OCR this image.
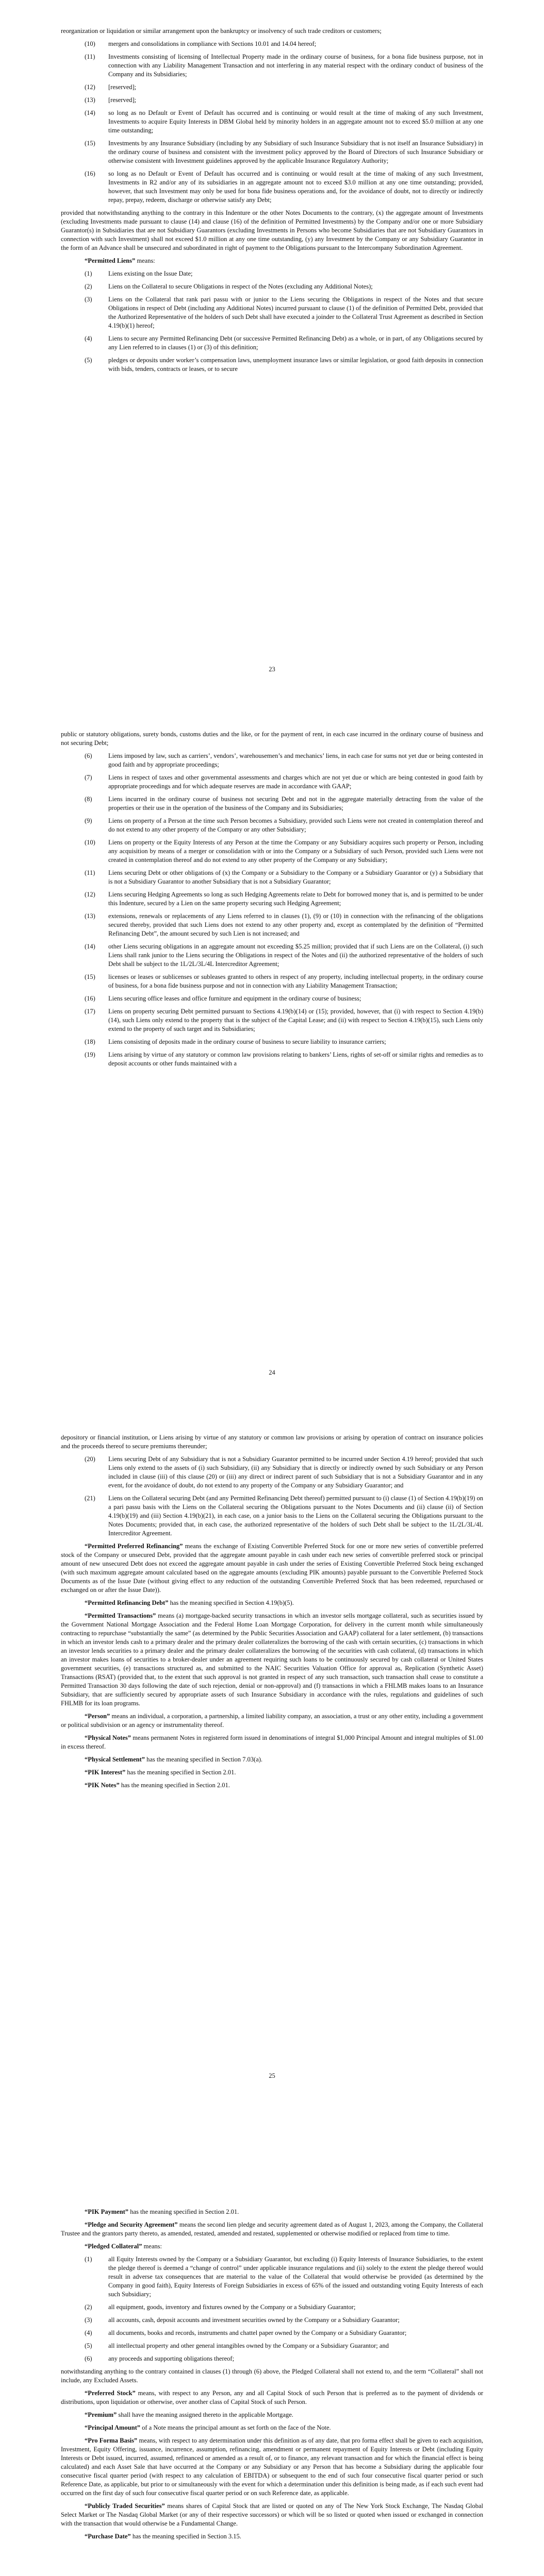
reorganization or liquidation or similar arrangement upon the bankruptcy or insolvency of such trade creditors or customers;

(10)	mergers and consolidations in compliance with Sections 10.01 and 14.04 hereof;
(11)	Investments consisting of licensing of Intellectual Property made in the ordinary course of business, for a bona fide business purpose, not in connection with any Liability Management Transaction and not interfering in any material respect with the ordinary conduct of business of the Company and its Subsidiaries;
(12)	[reserved];
(13)	[reserved];
(14)	so long as no Default or Event of Default has occurred and is continuing or would result at the time of making of any such Investment, Investments to acquire Equity Interests in DBM Global held by minority holders in an aggregate amount not to exceed $5.0 million at any one time outstanding;
(15)	Investments by any Insurance Subsidiary (including by any Subsidiary of such Insurance Subsidiary that is not itself an Insurance Subsidiary) in the ordinary course of business and consistent with the investment policy approved by the Board of Directors of such Insurance Subsidiary or otherwise consistent with Investment guidelines approved by the applicable Insurance Regulatory Authority;
(16)	so long as no Default or Event of Default has occurred and is continuing or would result at the time of making of any such Investment, Investments in R2 and/or any of its subsidiaries in an aggregate amount not to exceed $3.0 million at any one time outstanding; provided, however, that such Investment may only be used for bona fide business operations and, for the avoidance of doubt, not to directly or indirectly repay, prepay, redeem, discharge or otherwise satisfy any Debt;

provided that notwithstanding anything to the contrary in this Indenture or the other Notes Documents to the contrary, (x) the aggregate amount of Investments (excluding Investments made pursuant to clause (14) and clause (16) of the definition of Permitted Investments) by the Company and/or one or more Subsidiary Guarantor(s) in Subsidiaries that are not Subsidiary Guarantors (excluding Investments in Persons who become Subsidiaries that are not Subsidiary Guarantors in connection with such Investment) shall not exceed $1.0 million at any one time outstanding, (y) any Investment by the Company or any Subsidiary Guarantor in the form of an Advance shall be unsecured and subordinated in right of payment to the Obligations pursuant to the Intercompany Subordination Agreement.

“Permitted Liens” means:

(1)	Liens existing on the Issue Date;
(2)	Liens on the Collateral to secure Obligations in respect of the Notes (excluding any Additional Notes);
(3)	Liens on the Collateral that rank pari passu with or junior to the Liens securing the Obligations in respect of the Notes and that secure Obligations in respect of Debt (including any Additional Notes) incurred pursuant to clause (1) of the definition of Permitted Debt, provided that the Authorized Representative of the holders of such Debt shall have executed a joinder to the Collateral Trust Agreement as described in Section 4.19(b)(1) hereof;
(4)	Liens to secure any Permitted Refinancing Debt (or successive Permitted Refinancing Debt) as a whole, or in part, of any Obligations secured by any Lien referred to in clauses (1) or (3) of this definition;
(5)	pledges or deposits under worker’s compensation laws, unemployment insurance laws or similar legislation, or good faith deposits in connection with bids, tenders, contracts or leases, or to secure
23

public or statutory obligations, surety bonds, customs duties and the like, or for the payment of rent, in each case incurred in the ordinary course of business and not securing Debt;

(6)	Liens imposed by law, such as carriers’, vendors’, warehousemen’s and mechanics’ liens, in each case for sums not yet due or being contested in good faith and by appropriate proceedings;
(7)	Liens in respect of taxes and other governmental assessments and charges which are not yet due or which are being contested in good faith by appropriate proceedings and for which adequate reserves are made in accordance with GAAP;
(8)	Liens incurred in the ordinary course of business not securing Debt and not in the aggregate materially detracting from the value of the properties or their use in the operation of the business of the Company and its Subsidiaries;
(9)	Liens on property of a Person at the time such Person becomes a Subsidiary, provided such Liens were not created in contemplation thereof and do not extend to any other property of the Company or any other Subsidiary;
(10)	Liens on property or the Equity Interests of any Person at the time the Company or any Subsidiary acquires such property or Person, including any acquisition by means of a merger or consolidation with or into the Company or a Subsidiary of such Person, provided such Liens were not created in contemplation thereof and do not extend to any other property of the Company or any Subsidiary;
(11)	Liens securing Debt or other obligations of (x) the Company or a Subsidiary to the Company or a Subsidiary Guarantor or (y) a Subsidiary that is not a Subsidiary Guarantor to another Subsidiary that is not a Subsidiary Guarantor;
(12)	Liens securing Hedging Agreements so long as such Hedging Agreements relate to Debt for borrowed money that is, and is permitted to be under this Indenture, secured by a Lien on the same property securing such Hedging Agreement;
(13)	extensions, renewals or replacements of any Liens referred to in clauses (1), (9) or (10) in connection with the refinancing of the obligations secured thereby, provided that such Liens does not extend to any other property and, except as contemplated by the definition of “Permitted Refinancing Debt”, the amount secured by such Lien is not increased; and
(14)	other Liens securing obligations in an aggregate amount not exceeding $5.25 million; provided that if such Liens are on the Collateral, (i) such Liens shall rank junior to the Liens securing the Obligations in respect of the Notes and (ii) the authorized representative of the holders of such Debt shall be subject to the 1L/2L/3L/4L Intercreditor Agreement;
(15)	licenses or leases or sublicenses or subleases granted to others in respect of any property, including intellectual property, in the ordinary course of business, for a bona fide business purpose and not in connection with any Liability Management Transaction;
(16)	Liens securing office leases and office furniture and equipment in the ordinary course of business;
(17)	Liens on property securing Debt permitted pursuant to Sections 4.19(b)(14) or (15); provided, however, that (i) with respect to Section 4.19(b)(14), such Liens only extend to the property that is the subject of the Capital Lease; and (ii) with respect to Section 4.19(b)(15), such Liens only extend to the property of such target and its Subsidiaries;
(18)	Liens consisting of deposits made in the ordinary course of business to secure liability to insurance carriers;
(19)	Liens arising by virtue of any statutory or common law provisions relating to bankers’ Liens, rights of set-off or similar rights and remedies as to deposit accounts or other funds maintained with a
24

depository or financial institution, or Liens arising by virtue of any statutory or common law provisions or arising by operation of contract on insurance policies and the proceeds thereof to secure premiums thereunder;

(20)	Liens securing Debt of any Subsidiary that is not a Subsidiary Guarantor permitted to be incurred under Section 4.19 hereof; provided that such Liens only extend to the assets of (i) such Subsidiary, (ii) any Subsidiary that is directly or indirectly owned by such Subsidiary or any Person included in clause (iii) of this clause (20) or (iii) any direct or indirect parent of such Subsidiary that is not a Subsidiary Guarantor and in any event, for the avoidance of doubt, do not extend to any property of the Company or any Subsidiary Guarantor; and
(21)	Liens on the Collateral securing Debt (and any Permitted Refinancing Debt thereof) permitted pursuant to (i) clause (1) of Section 4.19(b)(19) on a pari passu basis with the Liens on the Collateral securing the Obligations pursuant to the Notes Documents and (ii) clause (ii) of Section 4.19(b)(19) and (iii) Section 4.19(b)(21), in each case, on a junior basis to the Liens on the Collateral securing the Obligations pursuant to the Notes Documents; provided that, in each case, the authorized representative of the holders of such Debt shall be subject to the 1L/2L/3L/4L Intercreditor Agreement.

“Permitted Preferred Refinancing” means the exchange of Existing Convertible Preferred Stock for one or more new series of convertible preferred stock of the Company or unsecured Debt, provided that the aggregate amount payable in cash under each new series of convertible preferred stock or principal amount of new unsecured Debt does not exceed the aggregate amount payable in cash under the series of Existing Convertible Preferred Stock being exchanged (with such maximum aggregate amount calculated based on the aggregate amounts (excluding PIK amounts) payable pursuant to the Convertible Preferred Stock Documents as of the Issue Date (without giving effect to any reduction of the outstanding Convertible Preferred Stock that has been redeemed, repurchased or exchanged on or after the Issue Date)).

“Permitted Refinancing Debt” has the meaning specified in Section 4.19(b)(5).

“Permitted Transactions” means (a) mortgage-backed security transactions in which an investor sells mortgage collateral, such as securities issued by the Government National Mortgage Association and the Federal Home Loan Mortgage Corporation, for delivery in the current month while simultaneously contracting to repurchase “substantially the same” (as determined by the Public Securities Association and GAAP) collateral for a later settlement, (b) transactions in which an investor lends cash to a primary dealer and the primary dealer collateralizes the borrowing of the cash with certain securities, (c) transactions in which an investor lends securities to a primary dealer and the primary dealer collateralizes the borrowing of the securities with cash collateral, (d) transactions in which an investor makes loans of securities to a broker-dealer under an agreement requiring such loans to be continuously secured by cash collateral or United States government securities, (e) transactions structured as, and submitted to the NAIC Securities Valuation Office for approval as, Replication (Synthetic Asset) Transactions (RSAT) (provided that, to the extent that such approval is not granted in respect of any such transaction, such transaction shall cease to constitute a Permitted Transaction 30 days following the date of such rejection, denial or non-approval) and (f) transactions in which a FHLMB makes loans to an Insurance Subsidiary, that are sufficiently secured by appropriate assets of such Insurance Subsidiary in accordance with the rules, regulations and guidelines of such FHLMB for its loan programs.

“Person” means an individual, a corporation, a partnership, a limited liability company, an association, a trust or any other entity, including a government or political subdivision or an agency or instrumentality thereof.

“Physical Notes” means permanent Notes in registered form issued in denominations of integral $1,000 Principal Amount and integral multiples of $1.00 in excess thereof.

“Physical Settlement” has the meaning specified in Section 7.03(a).

“PIK Interest” has the meaning specified in Section 2.01.

“PIK Notes” has the meaning specified in Section 2.01.

25

“PIK Payment” has the meaning specified in Section 2.01.

“Pledge and Security Agreement” means the second lien pledge and security agreement dated as of August 1, 2023, among the Company, the Collateral Trustee and the grantors party thereto, as amended, restated, amended and restated, supplemented or otherwise modified or replaced from time to time.

“Pledged Collateral” means:

(1)	all Equity Interests owned by the Company or a Subsidiary Guarantor, but excluding (i) Equity Interests of Insurance Subsidiaries, to the extent the pledge thereof is deemed a “change of control” under applicable insurance regulations and (ii) solely to the extent the pledge thereof would result in adverse tax consequences that are material to the value of the Collateral that would otherwise be provided (as determined by the Company in good faith), Equity Interests of Foreign Subsidiaries in excess of 65% of the issued and outstanding voting Equity Interests of each such Subsidiary;
(2)	all equipment, goods, inventory and fixtures owned by the Company or a Subsidiary Guarantor;
(3)	all accounts, cash, deposit accounts and investment securities owned by the Company or a Subsidiary Guarantor;
(4)	all documents, books and records, instruments and chattel paper owned by the Company or a Subsidiary Guarantor;
(5)	all intellectual property and other general intangibles owned by the Company or a Subsidiary Guarantor; and
(6)	any proceeds and supporting obligations thereof;

notwithstanding anything to the contrary contained in clauses (1) through (6) above, the Pledged Collateral shall not extend to, and the term “Collateral” shall not include, any Excluded Assets.

“Preferred Stock” means, with respect to any Person, any and all Capital Stock of such Person that is preferred as to the payment of dividends or distributions, upon liquidation or otherwise, over another class of Capital Stock of such Person.

“Premium” shall have the meaning assigned thereto in the applicable Mortgage.

“Principal Amount” of a Note means the principal amount as set forth on the face of the Note.

“Pro Forma Basis” means, with respect to any determination under this definition as of any date, that pro forma effect shall be given to each acquisition, Investment, Equity Offering, issuance, incurrence, assumption, refinancing, amendment or permanent repayment of Equity Interests or Debt (including Equity Interests or Debt issued, incurred, assumed, refinanced or amended as a result of, or to finance, any relevant transaction and for which the financial effect is being calculated) and each Asset Sale that have occurred at the Company or any Subsidiary or any Person that has become a Subsidiary during the applicable four consecutive fiscal quarter period (with respect to any calculation of EBITDA) or subsequent to the end of such four consecutive fiscal quarter period or such Reference Date, as applicable, but prior to or simultaneously with the event for which a determination under this definition is being made, as if each such event had occurred on the first day of such four consecutive fiscal quarter period or on such Reference date, as applicable.

“Publicly Traded Securities” means shares of Capital Stock that are listed or quoted on any of The New York Stock Exchange, The Nasdaq Global Select Market or The Nasdaq Global Market (or any of their respective successors) or which will be so listed or quoted when issued or exchanged in connection with the transaction that would otherwise be a Fundamental Change.

“Purchase Date” has the meaning specified in Section 3.15.
